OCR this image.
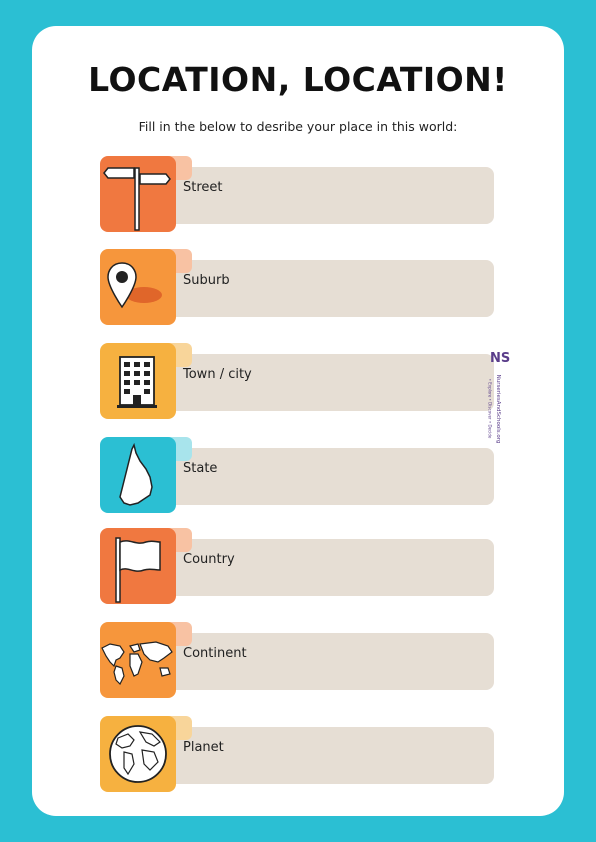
LOCATION, LOCATION!
Fill in the below to desribe your place in this world:
Street
Suburb
Town / city
State
Country
Continent
Planet
NS
NurseriesAndSchools.org
• Explore • Discover • Decide
